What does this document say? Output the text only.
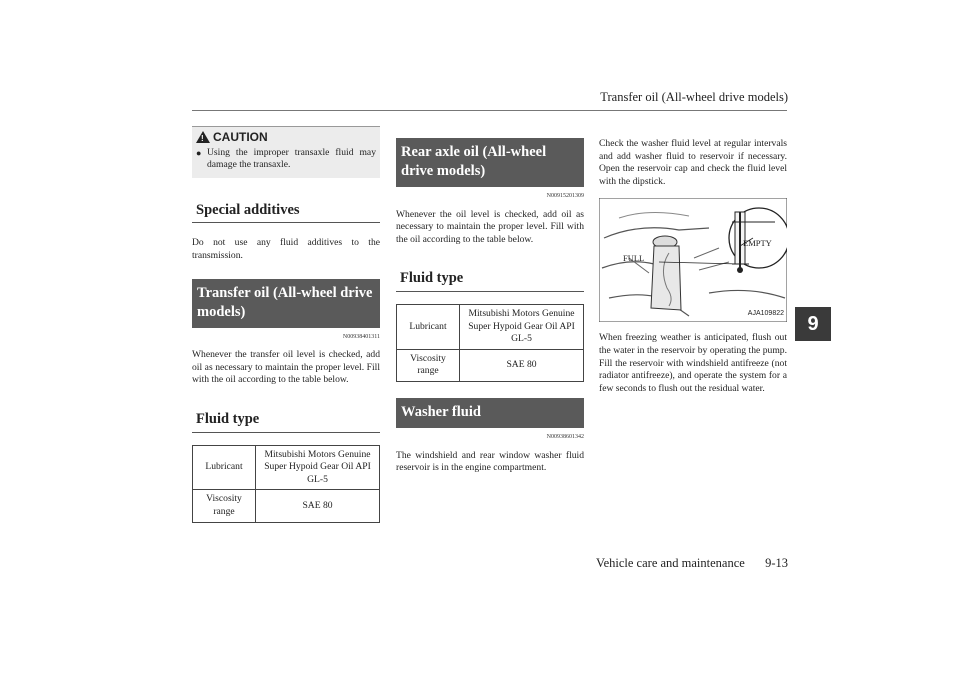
Transfer oil (All-wheel drive models)
9
!
CAUTION
● Using the improper transaxle fluid may damage the transaxle.

Special additives

Do not use any fluid additives to the transmission.

Transfer oil (All-wheel drive models)
N00938401311

Whenever the transfer oil level is checked, add oil as necessary to maintain the proper level. Fill with the oil according to the table below.

Fluid type
Lubricant	Mitsubishi Motors Genuine Super Hypoid Gear Oil API GL-5
Viscosity range	SAE 80
Rear axle oil (All-wheel drive models)
N00915201309

Whenever the oil level is checked, add oil as necessary to maintain the proper level. Fill with the oil according to the table below.

Fluid type
Lubricant	Mitsubishi Motors Genuine Super Hypoid Gear Oil API GL-5
Viscosity range	SAE 80
Washer fluid
N00938601342

The windshield and rear window washer fluid reservoir is in the engine compartment.

Check the washer fluid level at regular intervals and add washer fluid to reservoir if necessary. Open the reservoir cap and check the fluid level with the dipstick.

FULL
EMPTY
AJA109822

When freezing weather is anticipated, flush out the water in the reservoir by operating the pump. Fill the reservoir with windshield antifreeze (not radiator antifreeze), and operate the system for a few seconds to flush out the residual water.

Vehicle care and maintenance 9-13
